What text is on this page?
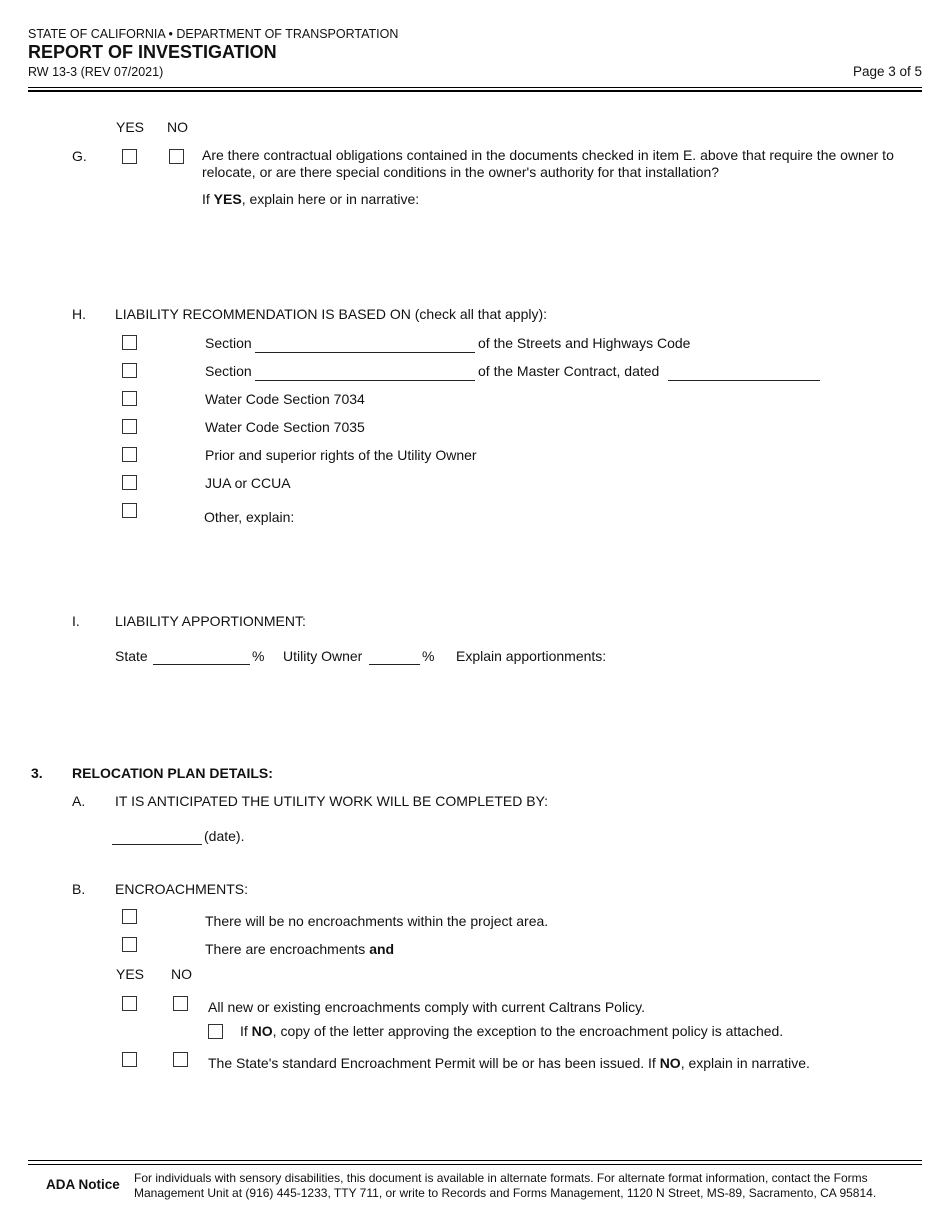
STATE OF CALIFORNIA • DEPARTMENT OF TRANSPORTATION
REPORT OF INVESTIGATION
RW 13-3 (REV 07/2021)	Page 3 of 5
YES NO
G.	Are there contractual obligations contained in the documents checked in item E. above that require the owner to
relocate, or are there special conditions in the owner's authority for that installation?
If YES, explain here or in narrative:
H. LIABILITY RECOMMENDATION IS BASED ON (check all that apply):
Section	of the Streets and Highways Code
Section	of the Master Contract, dated
Water Code Section 7034
Water Code Section 7035
Prior and superior rights of the Utility Owner
JUA or CCUA
Other, explain:
I.	LIABILITY APPORTIONMENT:
State	% Utility Owner	% Explain apportionments:
3. RELOCATION PLAN DETAILS:
A. IT IS ANTICIPATED THE UTILITY WORK WILL BE COMPLETED BY:
(date).
B. ENCROACHMENTS:
There will be no encroachments within the project area.
There are encroachments and
YES NO
All new or existing encroachments comply with current Caltrans Policy.
If NO, copy of the letter approving the exception to the encroachment policy is attached.
The State's standard Encroachment Permit will be or has been issued. If NO, explain in narrative.
ADA Notice For individuals with sensory disabilities, this document is available in alternate formats. For alternate format information, contact the Forms
Management Unit at (916) 445-1233, TTY 711, or write to Records and Forms Management, 1120 N Street, MS-89, Sacramento, CA 95814.
